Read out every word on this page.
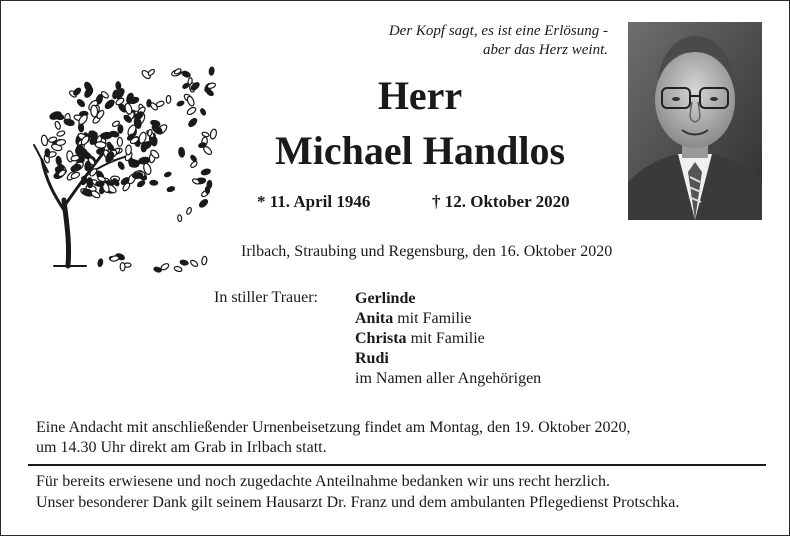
Der Kopf sagt, es ist eine Erlösung -
aber das Herz weint.
Herr
Michael Handlos
* 11. April 1946	† 12. Oktober 2020
Irlbach, Straubing und Regensburg, den 16. Oktober 2020
In stiller Trauer: Gerlinde
Anita mit Familie
Christa mit Familie
Rudi
im Namen aller Angehörigen
Eine Andacht mit anschließender Urnenbeisetzung findet am Montag, den 19. Oktober 2020,
um 14.30 Uhr direkt am Grab in Irlbach statt.
Für bereits erwiesene und noch zugedachte Anteilnahme bedanken wir uns recht herzlich.
Unser besonderer Dank gilt seinem Hausarzt Dr. Franz und dem ambulanten Pflegedienst Protschka.
